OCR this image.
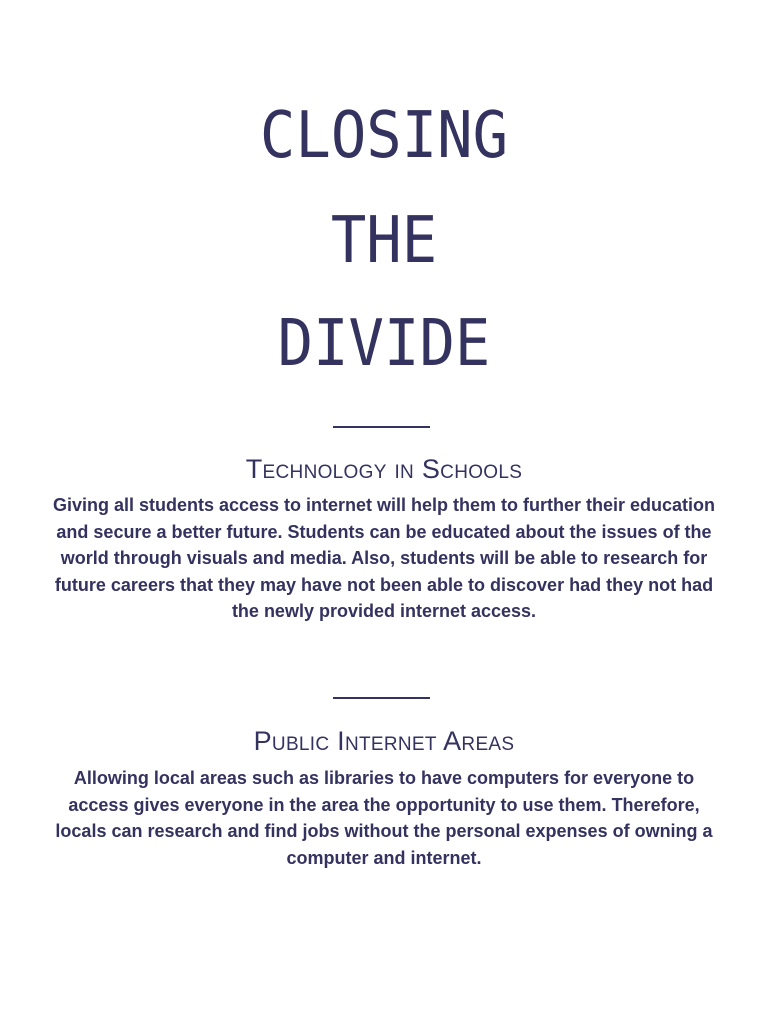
CLOSING
THE
DIVIDE
Technology in Schools
Giving all students access to internet will help them to further their education and secure a better future. Students can be educated about the issues of the world through visuals and media. Also, students will be able to research for future careers that they may have not been able to discover had they not had the newly provided internet access.
Public Internet Areas
Allowing local areas such as libraries to have computers for everyone to access gives everyone in the area the opportunity to use them. Therefore, locals can research and find jobs without the personal expenses of owning a computer and internet.
